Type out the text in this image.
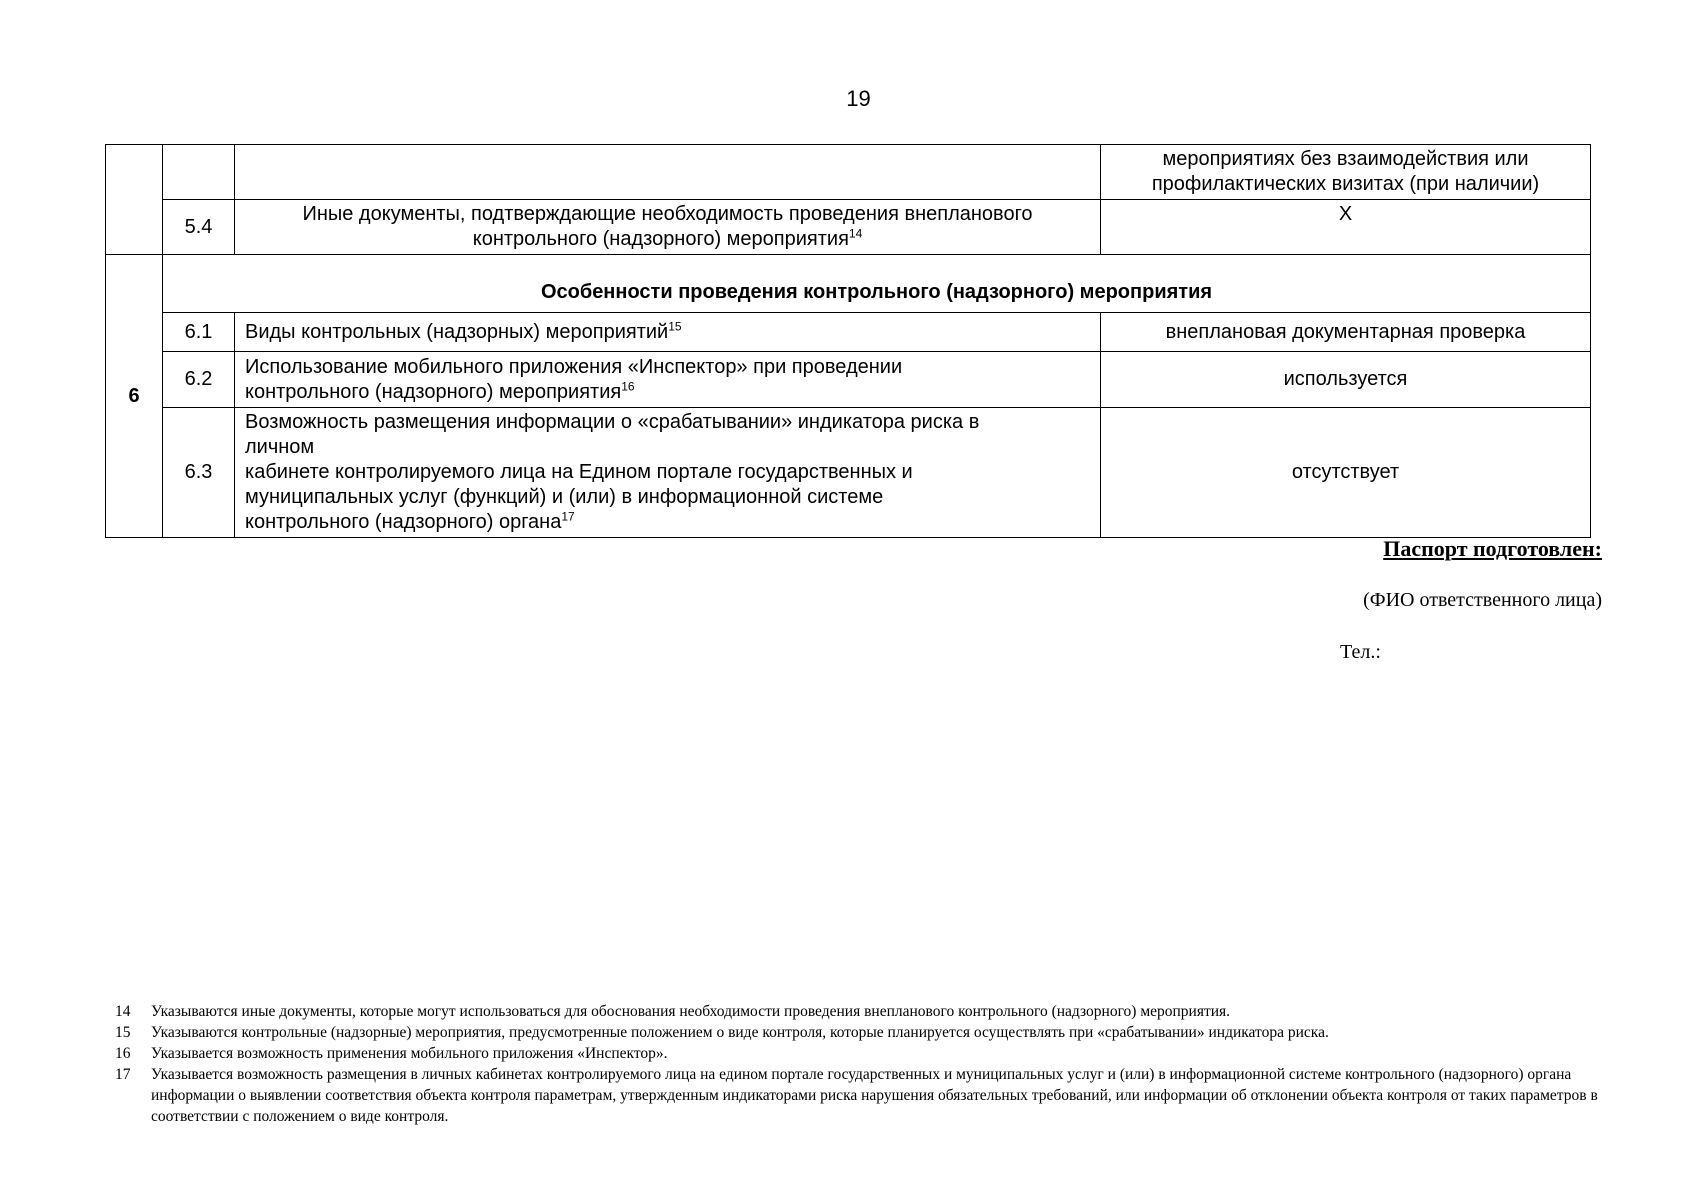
19
			мероприятиях без взаимодействия или профилактических визитах (при наличии)
	5.4	Иные документы, подтверждающие необходимость проведения внепланового контрольного (надзорного) мероприятия$^{14}$	Х
6	Особенности проведения контрольного (надзорного) мероприятия		
	6.1	Виды контрольных (надзорных) мероприятий$^{15}$	внеплановая документарная проверка
	6.2	Использование мобильного приложения «Инспектор» при проведении контрольного (надзорного) мероприятия$^{16}$	используется
	6.3	Возможность размещения информации о «срабатывании» индикатора риска в личном
кабинете контролируемого лица на Едином портале государственных и муниципальных услуг (функций) и (или) в информационной системе контрольного (надзорного) органа$^{17}$	отсутствует
Паспорт подготовлен:
(ФИО ответственного лица)
Тел.:
14	Указываются иные документы, которые могут использоваться для обоснования необходимости проведения внепланового контрольного (надзорного) мероприятия.
15	Указываются контрольные (надзорные) мероприятия, предусмотренные положением о виде контроля, которые планируется осуществлять при «срабатывании» индикатора риска.
16	Указывается возможность применения мобильного приложения «Инспектор».
17	Указывается возможность размещения в личных кабинетах контролируемого лица на едином портале государственных и муниципальных услуг и (или) в информационной системе контрольного (надзорного) органа информации о выявлении соответствия объекта контроля параметрам, утвержденным индикаторами риска нарушения обязательных требований, или информации об отклонении объекта контроля от таких параметров в соответствии с положением о виде контроля.
